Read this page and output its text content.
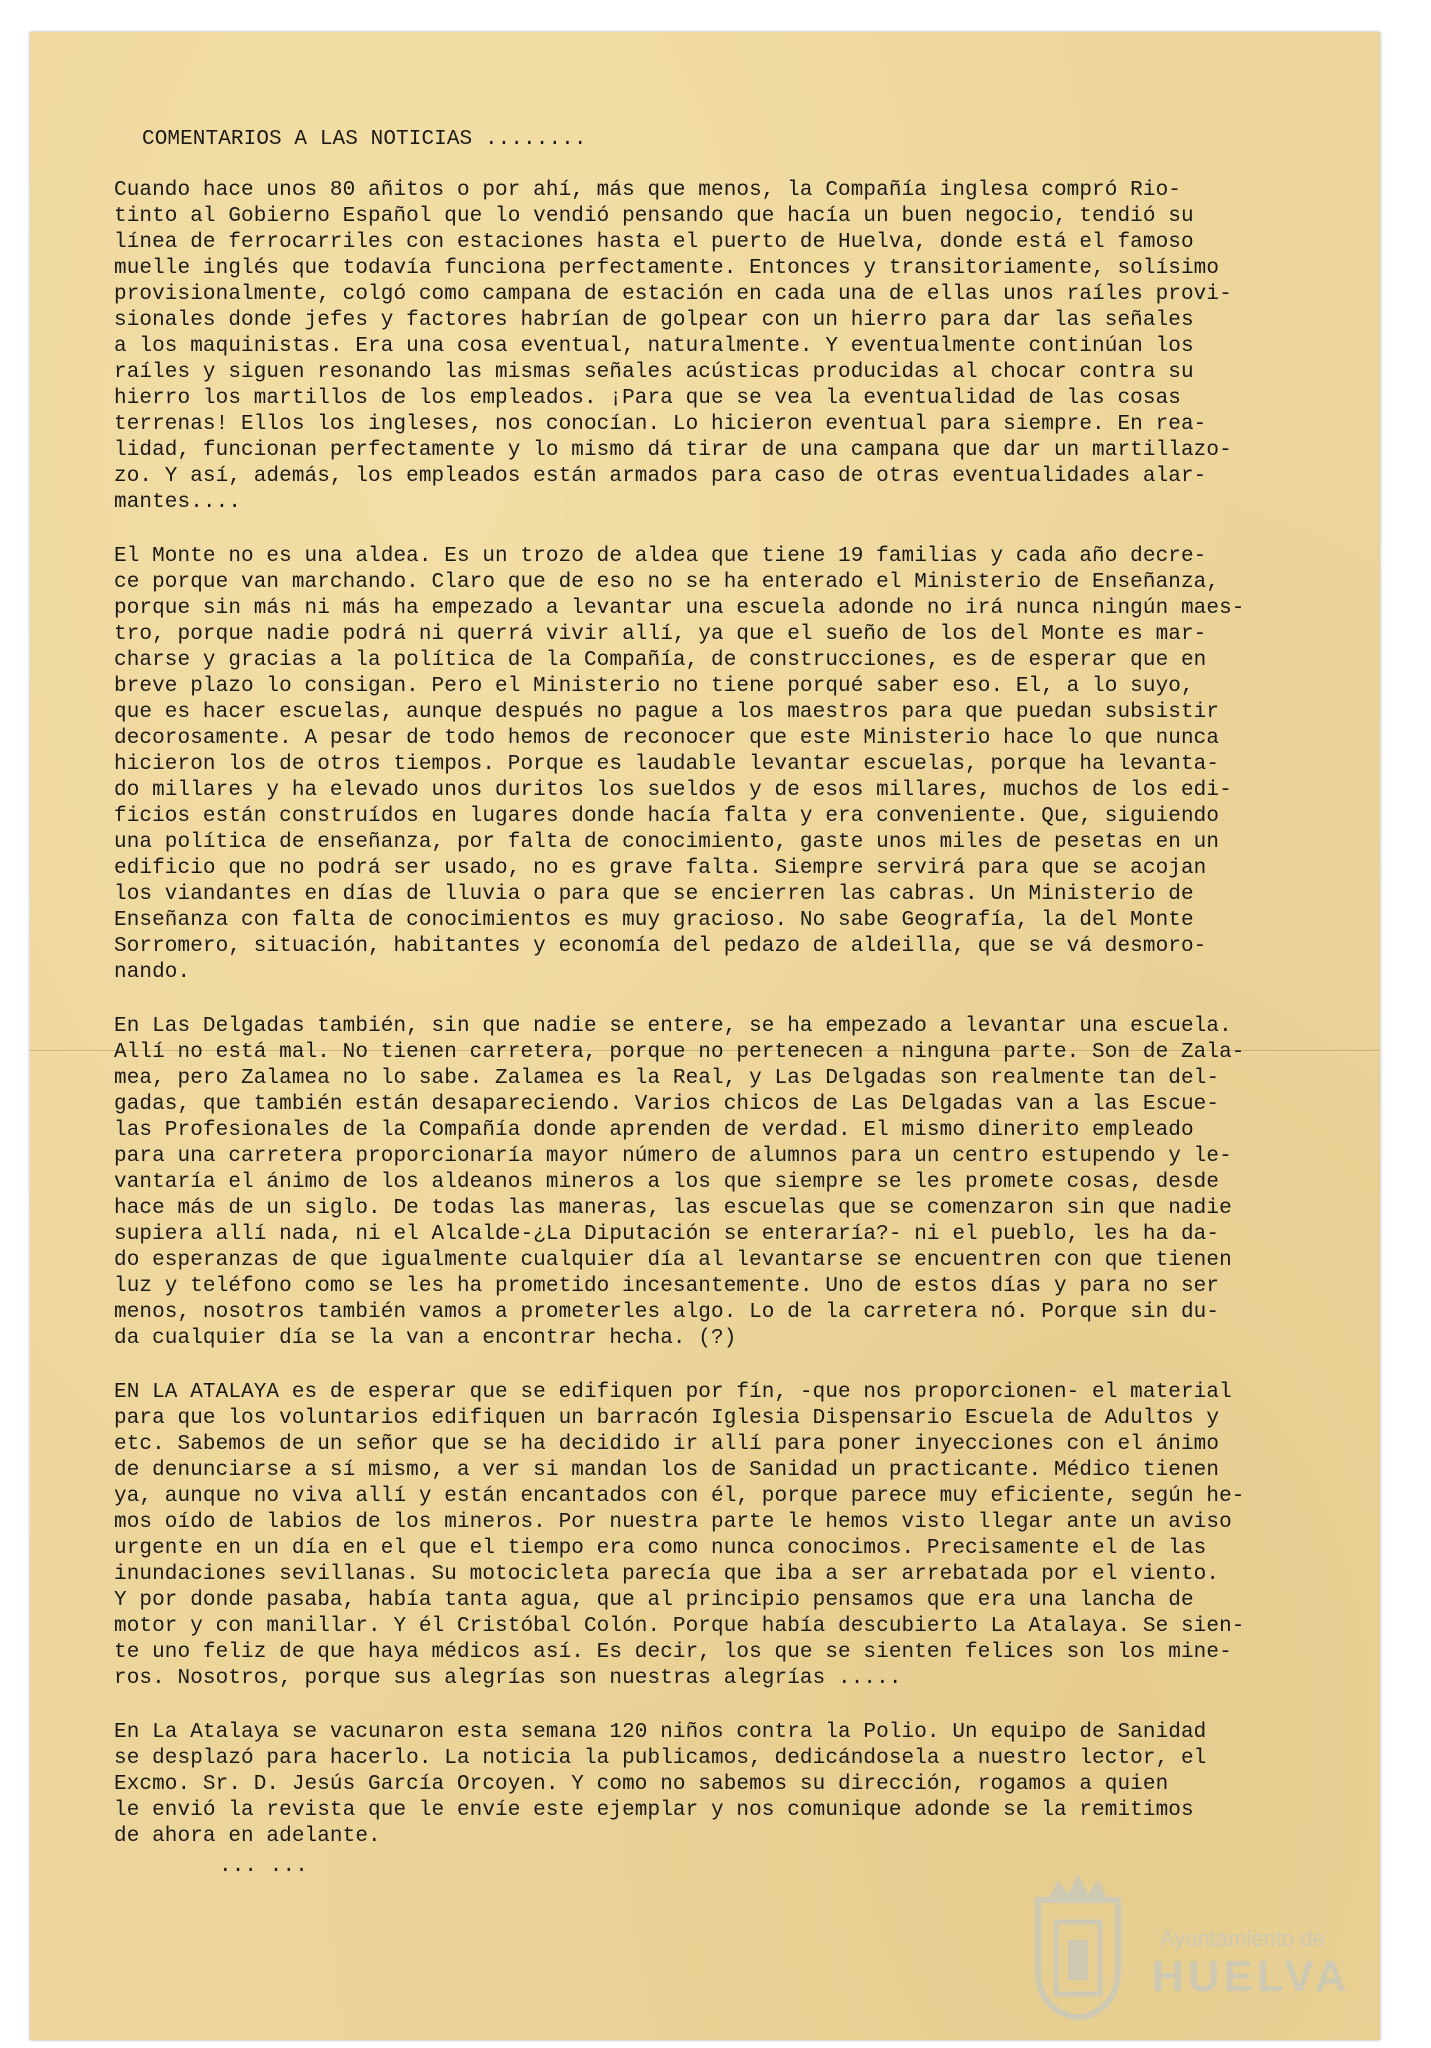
COMENTARIOS A LAS NOTICIAS ........
Cuando hace unos 80 añitos o por ahí, más que menos, la Compañía inglesa compró Rio-
tinto al Gobierno Español que lo vendió pensando que hacía un buen negocio, tendió su
línea de ferrocarriles con estaciones hasta el puerto de Huelva, donde está el famoso
muelle inglés que todavía funciona perfectamente. Entonces y transitoriamente, solísimo
provisionalmente, colgó como campana de estación en cada una de ellas unos raíles provi-
sionales donde jefes y factores habrían de golpear con un hierro para dar las señales
a los maquinistas. Era una cosa eventual, naturalmente. Y eventualmente continúan los
raíles y siguen resonando las mismas señales acústicas producidas al chocar contra su
hierro los martillos de los empleados. ¡Para que se vea la eventualidad de las cosas
terrenas! Ellos los ingleses, nos conocían. Lo hicieron eventual para siempre. En rea-
lidad, funcionan perfectamente y lo mismo dá tirar de una campana que dar un martillazo-
zo. Y así, además, los empleados están armados para caso de otras eventualidades alar-
mantes....
El Monte no es una aldea. Es un trozo de aldea que tiene 19 familias y cada año decre-
ce porque van marchando. Claro que de eso no se ha enterado el Ministerio de Enseñanza,
porque sin más ni más ha empezado a levantar una escuela adonde no irá nunca ningún maes-
tro, porque nadie podrá ni querrá vivir allí, ya que el sueño de los del Monte es mar-
charse y gracias a la política de la Compañía, de construcciones, es de esperar que en
breve plazo lo consigan. Pero el Ministerio no tiene porqué saber eso. El, a lo suyo,
que es hacer escuelas, aunque después no pague a los maestros para que puedan subsistir
decorosamente. A pesar de todo hemos de reconocer que este Ministerio hace lo que nunca
hicieron los de otros tiempos. Porque es laudable levantar escuelas, porque ha levanta-
do millares y ha elevado unos duritos los sueldos y de esos millares, muchos de los edi-
ficios están construídos en lugares donde hacía falta y era conveniente. Que, siguiendo
una política de enseñanza, por falta de conocimiento, gaste unos miles de pesetas en un
edificio que no podrá ser usado, no es grave falta. Siempre servirá para que se acojan
los viandantes en días de lluvia o para que se encierren las cabras. Un Ministerio de
Enseñanza con falta de conocimientos es muy gracioso. No sabe Geografía, la del Monte
Sorromero, situación, habitantes y economía del pedazo de aldeilla, que se vá desmoro-
nando.
En Las Delgadas también, sin que nadie se entere, se ha empezado a levantar una escuela.
Allí no está mal. No tienen carretera, porque no pertenecen a ninguna parte. Son de Zala-
mea, pero Zalamea no lo sabe. Zalamea es la Real, y Las Delgadas son realmente tan del-
gadas, que también están desapareciendo. Varios chicos de Las Delgadas van a las Escue-
las Profesionales de la Compañía donde aprenden de verdad. El mismo dinerito empleado
para una carretera proporcionaría mayor número de alumnos para un centro estupendo y le-
vantaría el ánimo de los aldeanos mineros a los que siempre se les promete cosas, desde
hace más de un siglo. De todas las maneras, las escuelas que se comenzaron sin que nadie
supiera allí nada, ni el Alcalde-¿La Diputación se enteraría?- ni el pueblo, les ha da-
do esperanzas de que igualmente cualquier día al levantarse se encuentren con que tienen
luz y teléfono como se les ha prometido incesantemente. Uno de estos días y para no ser
menos, nosotros también vamos a prometerles algo. Lo de la carretera nó. Porque sin du-
da cualquier día se la van a encontrar hecha. (?)
EN LA ATALAYA es de esperar que se edifiquen por fín, -que nos proporcionen- el material
para que los voluntarios edifiquen un barracón Iglesia Dispensario Escuela de Adultos y
etc. Sabemos de un señor que se ha decidido ir allí para poner inyecciones con el ánimo
de denunciarse a sí mismo, a ver si mandan los de Sanidad un practicante. Médico tienen
ya, aunque no viva allí y están encantados con él, porque parece muy eficiente, según he-
mos oído de labios de los mineros. Por nuestra parte le hemos visto llegar ante un aviso
urgente en un día en el que el tiempo era como nunca conocimos. Precisamente el de las
inundaciones sevillanas. Su motocicleta parecía que iba a ser arrebatada por el viento.
Y por donde pasaba, había tanta agua, que al principio pensamos que era una lancha de
motor y con manillar. Y él Cristóbal Colón. Porque había descubierto La Atalaya. Se sien-
te uno feliz de que haya médicos así. Es decir, los que se sienten felices son los mine-
ros. Nosotros, porque sus alegrías son nuestras alegrías .....
En La Atalaya se vacunaron esta semana 120 niños contra la Polio. Un equipo de Sanidad
se desplazó para hacerlo. La noticia la publicamos, dedicándosela a nuestro lector, el
Excmo. Sr. D. Jesús García Orcoyen. Y como no sabemos su dirección, rogamos a quien
le envió la revista que le envíe este ejemplar y nos comunique adonde se la remitimos
de ahora en adelante.
... ...
Ayuntamiento de
HUELVA
